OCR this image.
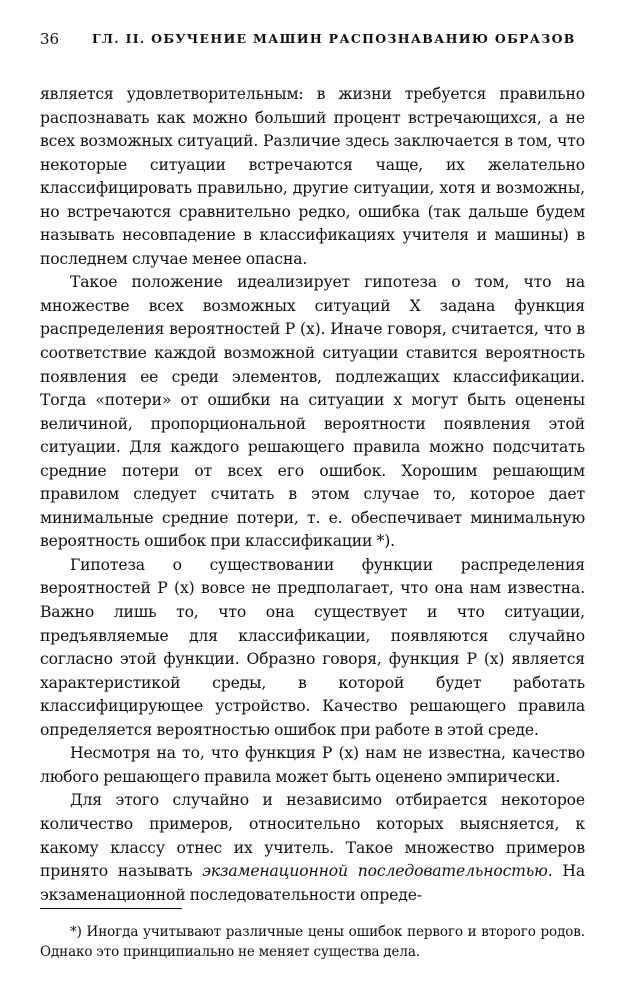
36	ГЛ. II. ОБУЧЕНИЕ МАШИН РАСПОЗНАВАНИЮ ОБРАЗОВ

является удовлетворительным: в жизни требуется правильно распознавать как можно больший процент встречающихся, а не всех возможных ситуаций. Различие здесь заключается в том, что некоторые ситуации встречаются чаще, их желательно классифицировать правильно, другие ситуации, хотя и возможны, но встречаются сравнительно редко, ошибка (так дальше будем называть несовпадение в классификациях учителя и машины) в последнем случае менее опасна.

Такое положение идеализирует гипотеза о том, что на множестве всех возможных ситуаций X задана функция распределения вероятностей P (x). Иначе говоря, считается, что в соответствие каждой возможной ситуации ставится вероятность появления ее среди элементов, подлежащих классификации. Тогда «потери» от ошибки на ситуации x могут быть оценены величиной, пропорциональной вероятности появления этой ситуации. Для каждого решающего правила можно подсчитать средние потери от всех его ошибок. Хорошим решающим правилом следует считать в этом случае то, которое дает минимальные средние потери, т. е. обеспечивает минимальную вероятность ошибок при классификации *).

Гипотеза о существовании функции распределения вероятностей P (x) вовсе не предполагает, что она нам известна. Важно лишь то, что она существует и что ситуации, предъявляемые для классификации, появляются случайно согласно этой функции. Образно говоря, функция P (x) является характеристикой среды, в которой будет работать классифицирующее устройство. Качество решающего правила определяется вероятностью ошибок при работе в этой среде.

Несмотря на то, что функция P (x) нам не известна, качество любого решающего правила может быть оценено эмпирически.

Для этого случайно и независимо отбирается некоторое количество примеров, относительно которых выясняется, к какому классу отнес их учитель. Такое множество примеров принято называть экзаменационной последовательностью. На экзаменационной последовательности опреде-

*) Иногда учитывают различные цены ошибок первого и второго родов. Однако это принципиально не меняет существа дела.
